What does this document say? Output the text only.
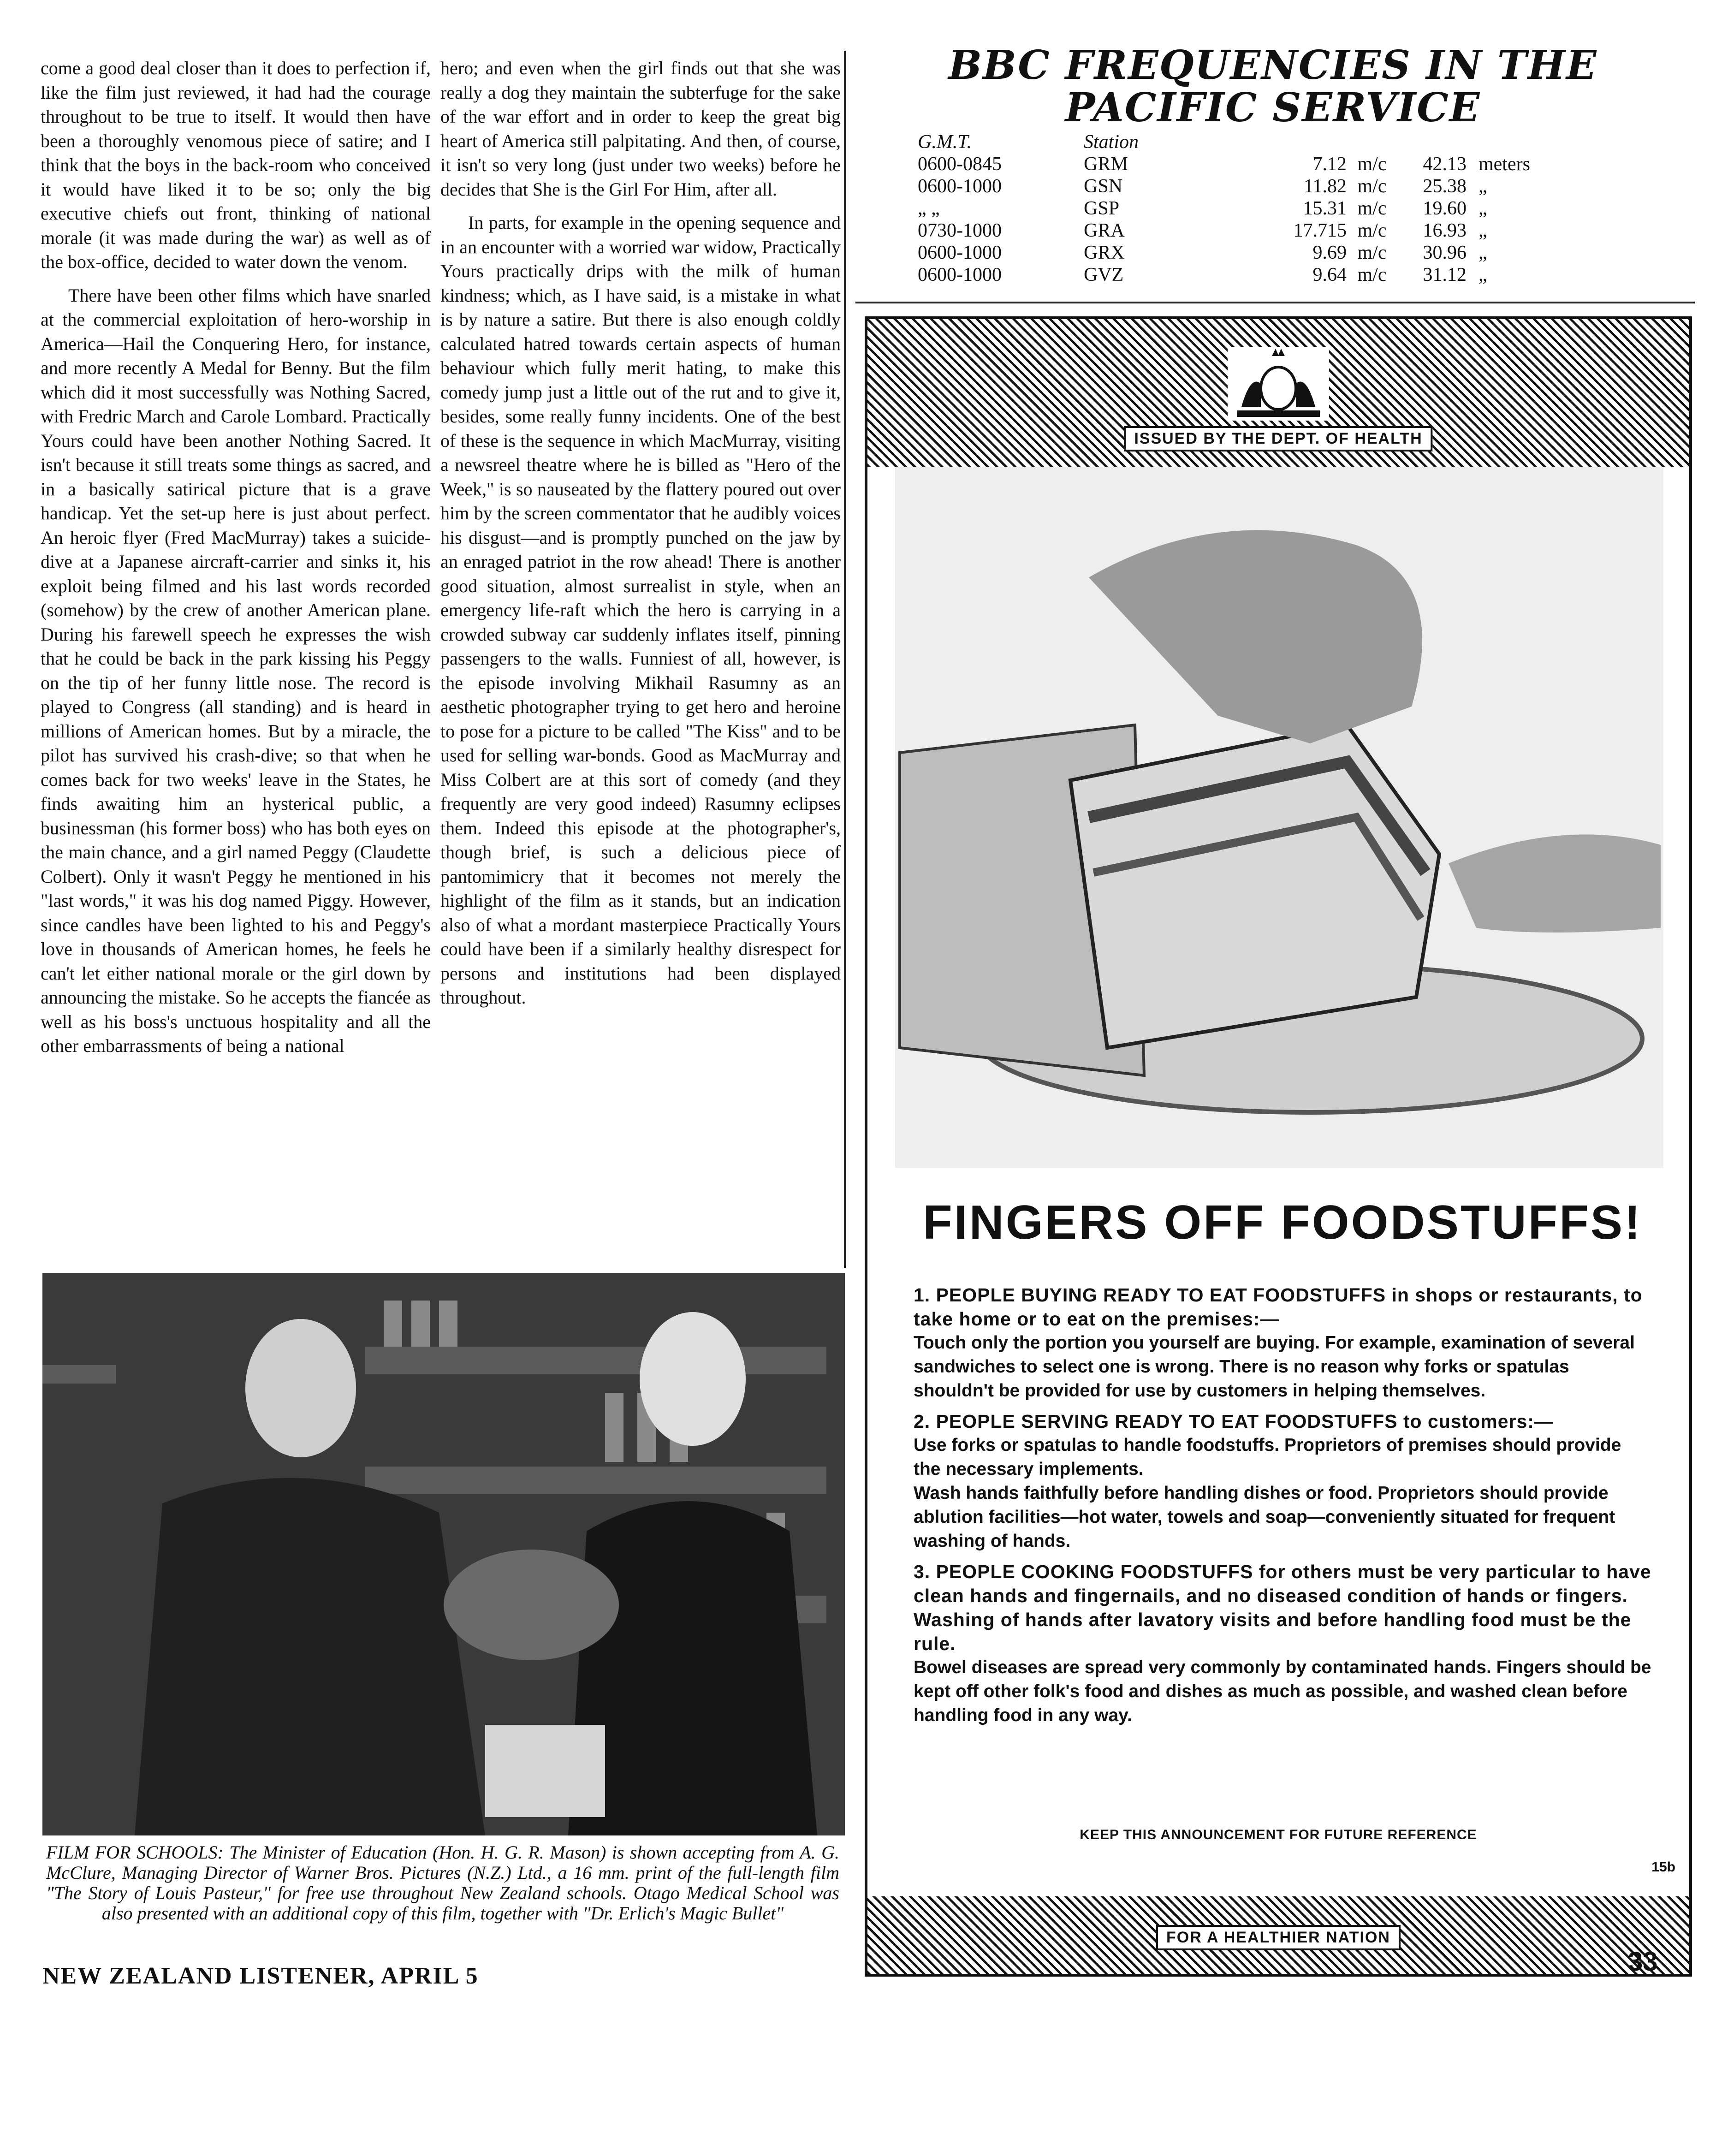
come a good deal closer than it does to perfection if, like the film just reviewed, it had had the courage throughout to be true to itself. It would then have been a thoroughly venomous piece of satire; and I think that the boys in the back-room who conceived it would have liked it to be so; only the big executive chiefs out front, thinking of national morale (it was made during the war) as well as of the box-office, decided to water down the venom.

There have been other films which have snarled at the commercial exploitation of hero-worship in America—Hail the Conquering Hero, for instance, and more recently A Medal for Benny. But the film which did it most successfully was Nothing Sacred, with Fredric March and Carole Lombard. Practically Yours could have been another Nothing Sacred. It isn't because it still treats some things as sacred, and in a basically satirical picture that is a grave handicap. Yet the set-up here is just about perfect. An heroic flyer (Fred MacMurray) takes a suicide-dive at a Japanese aircraft-carrier and sinks it, his exploit being filmed and his last words recorded (somehow) by the crew of another American plane. During his farewell speech he expresses the wish that he could be back in the park kissing his Peggy on the tip of her funny little nose. The record is played to Congress (all standing) and is heard in millions of American homes. But by a miracle, the pilot has survived his crash-dive; so that when he comes back for two weeks' leave in the States, he finds awaiting him an hysterical public, a businessman (his former boss) who has both eyes on the main chance, and a girl named Peggy (Claudette Colbert). Only it wasn't Peggy he mentioned in his "last words," it was his dog named Piggy. However, since candles have been lighted to his and Peggy's love in thousands of American homes, he feels he can't let either national morale or the girl down by announcing the mistake. So he accepts the fiancée as well as his boss's unctuous hospitality and all the other embarrassments of being a national

hero; and even when the girl finds out that she was really a dog they maintain the subterfuge for the sake of the war effort and in order to keep the great big heart of America still palpitating. And then, of course, it isn't so very long (just under two weeks) before he decides that She is the Girl For Him, after all.

In parts, for example in the opening sequence and in an encounter with a worried war widow, Practically Yours practically drips with the milk of human kindness; which, as I have said, is a mistake in what is by nature a satire. But there is also enough coldly calculated hatred towards certain aspects of human behaviour which fully merit hating, to make this comedy jump just a little out of the rut and to give it, besides, some really funny incidents. One of the best of these is the sequence in which MacMurray, visiting a newsreel theatre where he is billed as "Hero of the Week," is so nauseated by the flattery poured out over him by the screen commentator that he audibly voices his disgust—and is promptly punched on the jaw by an enraged patriot in the row ahead! There is another good situation, almost surrealist in style, when an emergency life-raft which the hero is carrying in a crowded subway car suddenly inflates itself, pinning passengers to the walls. Funniest of all, however, is the episode involving Mikhail Rasumny as an aesthetic photographer trying to get hero and heroine to pose for a picture to be called "The Kiss" and to be used for selling war-bonds. Good as MacMurray and Miss Colbert are at this sort of comedy (and they frequently are very good indeed) Rasumny eclipses them. Indeed this episode at the photographer's, though brief, is such a delicious piece of pantomimicry that it becomes not merely the highlight of the film as it stands, but an indication also of what a mordant masterpiece Practically Yours could have been if a similarly healthy disrespect for persons and institutions had been displayed throughout.

BBC FREQUENCIES IN THE
PACIFIC SERVICE
G.M.T.	Station				
0600-0845	GRM	7.12	m/c	42.13	meters
0600-1000	GSN	11.82	m/c	25.38	„
„ „	GSP	15.31	m/c	19.60	„
0730-1000	GRA	17.715	m/c	16.93	„
0600-1000	GRX	9.69	m/c	30.96	„
0600-1000	GVZ	9.64	m/c	31.12	„
ISSUED BY THE DEPT. OF HEALTH
FINGERS OFF FOODSTUFFS!
1. PEOPLE BUYING READY TO EAT FOODSTUFFS in shops or restaurants, to take home or to eat on the premises:—
Touch only the portion you yourself are buying. For example, examination of several sandwiches to select one is wrong. There is no reason why forks or spatulas shouldn't be provided for use by customers in helping themselves.
2. PEOPLE SERVING READY TO EAT FOODSTUFFS to customers:—
Use forks or spatulas to handle foodstuffs. Proprietors of premises should provide the necessary implements.
Wash hands faithfully before handling dishes or food. Proprietors should provide ablution facilities—hot water, towels and soap—conveniently situated for frequent washing of hands.
3. PEOPLE COOKING FOODSTUFFS for others must be very particular to have clean hands and fingernails, and no diseased condition of hands or fingers. Washing of hands after lavatory visits and before handling food must be the rule.
Bowel diseases are spread very commonly by contaminated hands. Fingers should be kept off other folk's food and dishes as much as possible, and washed clean before handling food in any way.
KEEP THIS ANNOUNCEMENT FOR FUTURE REFERENCE
15b
FOR A HEALTHIER NATION
FILM FOR SCHOOLS: The Minister of Education (Hon. H. G. R. Mason) is shown accepting from A. G. McClure, Managing Director of Warner Bros. Pictures (N.Z.) Ltd., a 16 mm. print of the full-length film "The Story of Louis Pasteur," for free use throughout New Zealand schools. Otago Medical School was also presented with an additional copy of this film, together with "Dr. Erlich's Magic Bullet"
NEW ZEALAND LISTENER, APRIL 5	33
